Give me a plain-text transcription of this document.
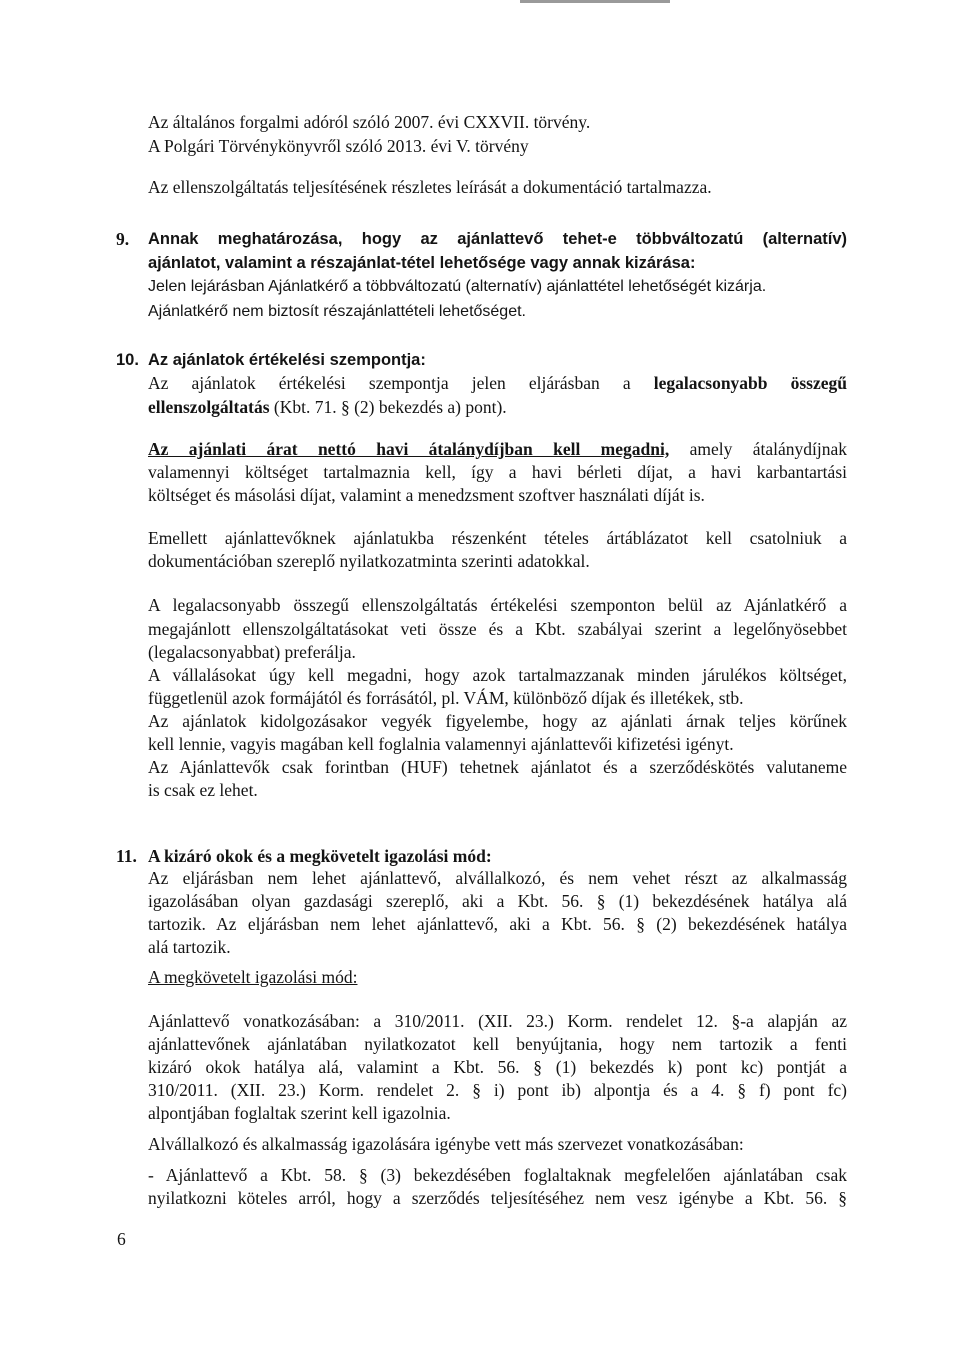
Az általános forgalmi adóról szóló 2007. évi CXXVII. törvény.
A Polgári Törvénykönyvről szóló 2013. évi V. törvény
Az ellenszolgáltatás teljesítésének részletes leírását a dokumentáció tartalmazza.
9. Annak meghatározása, hogy az ajánlattevő tehet-e többváltozatú (alternatív)
ajánlatot, valamint a részajánlat-tétel lehetősége vagy annak kizárása:
Jelen lejárásban Ajánlatkérő a többváltozatú (alternatív) ajánlattétel lehetőségét kizárja.
Ajánlatkérő nem biztosít részajánlattételi lehetőséget.
10. Az ajánlatok értékelési szempontja:
Az ajánlatok értékelési szempontja jelen eljárásban a legalacsonyabb összegű
ellenszolgáltatás (Kbt. 71. § (2) bekezdés a) pont).
Az ajánlati árat nettó havi átalánydíjban kell megadni, amely átalánydíjnak
valamennyi költséget tartalmaznia kell, így a havi bérleti díjat, a havi karbantartási
költséget és másolási díjat, valamint a menedzsment szoftver használati díját is.
Emellett ajánlattevőknek ajánlatukba részenként tételes ártáblázatot kell csatolniuk a
dokumentációban szereplő nyilatkozatminta szerinti adatokkal.
A legalacsonyabb összegű ellenszolgáltatás értékelési szemponton belül az Ajánlatkérő a
megajánlott ellenszolgáltatásokat veti össze és a Kbt. szabályai szerint a legelőnyösebbet
(legalacsonyabbat) preferálja.
A vállalásokat úgy kell megadni, hogy azok tartalmazzanak minden járulékos költséget,
függetlenül azok formájától és forrásától, pl. VÁM, különböző díjak és illetékek, stb.
Az ajánlatok kidolgozásakor vegyék figyelembe, hogy az ajánlati árnak teljes körűnek
kell lennie, vagyis magában kell foglalnia valamennyi ajánlattevői kifizetési igényt.
Az Ajánlattevők csak forintban (HUF) tehetnek ajánlatot és a szerződéskötés valutaneme
is csak ez lehet.
11. A kizáró okok és a megkövetelt igazolási mód:
Az eljárásban nem lehet ajánlattevő, alvállalkozó, és nem vehet részt az alkalmasság
igazolásában olyan gazdasági szereplő, aki a Kbt. 56. § (1) bekezdésének hatálya alá
tartozik. Az eljárásban nem lehet ajánlattevő, aki a Kbt. 56. § (2) bekezdésének hatálya
alá tartozik.
A megkövetelt igazolási mód:
Ajánlattevő vonatkozásában: a 310/2011. (XII. 23.) Korm. rendelet 12. §-a alapján az
ajánlattevőnek ajánlatában nyilatkozatot kell benyújtania, hogy nem tartozik a fenti
kizáró okok hatálya alá, valamint a Kbt. 56. § (1) bekezdés k) pont kc) pontját a
310/2011. (XII. 23.) Korm. rendelet 2. § i) pont ib) alpontja és a 4. § f) pont fc)
alpontjában foglaltak szerint kell igazolnia.
Alvállalkozó és alkalmasság igazolására igénybe vett más szervezet vonatkozásában:
- Ajánlattevő a Kbt. 58. § (3) bekezdésében foglaltaknak megfelelően ajánlatában csak
nyilatkozni köteles arról, hogy a szerződés teljesítéséhez nem vesz igénybe a Kbt. 56. §
6
